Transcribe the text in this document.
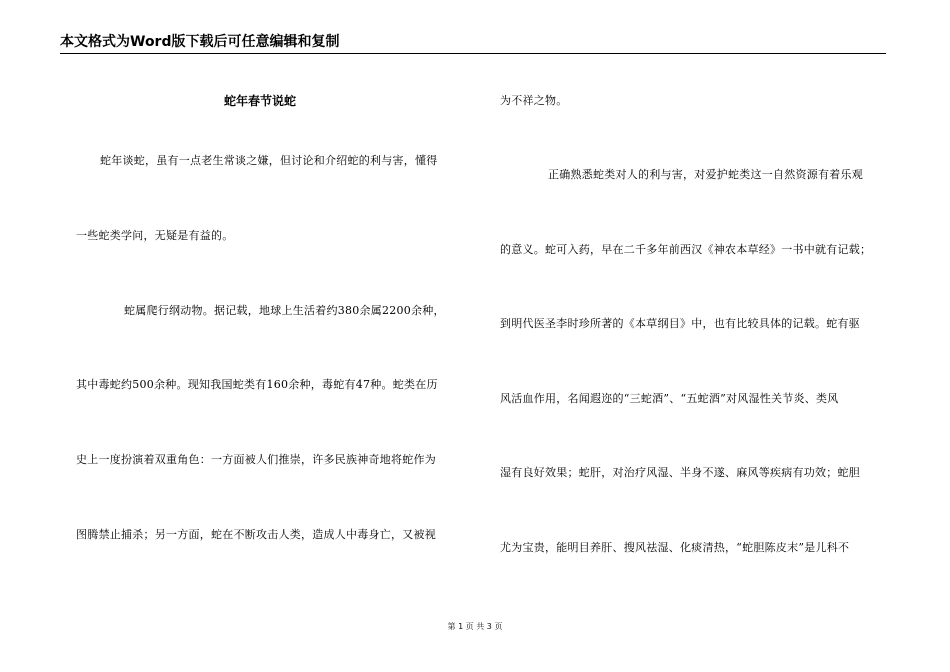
本文格式为Word版下载后可任意编辑和复制
蛇年春节说蛇
蛇年谈蛇，虽有一点老生常谈之嫌，但讨论和介绍蛇的利与害，懂得
一些蛇类学问，无疑是有益的。
蛇属爬行纲动物。据记载，地球上生活着约380余属2200余种，
其中毒蛇约500余种。现知我国蛇类有160余种，毒蛇有47种。蛇类在历
史上一度扮演着双重角色：一方面被人们推崇，许多民族神奇地将蛇作为
图腾禁止捕杀；另一方面，蛇在不断攻击人类，造成人中毒身亡，又被视
为不祥之物。
正确熟悉蛇类对人的利与害，对爱护蛇类这一自然资源有着乐观
的意义。蛇可入药，早在二千多年前西汉《神农本草经》一书中就有记载；
到明代医圣李时珍所著的《本草纲目》中，也有比较具体的记载。蛇有驱
风活血作用，名闻遐迩的“三蛇酒”、“五蛇酒”对风湿性关节炎、类风
湿有良好效果；蛇肝，对治疗风湿、半身不遂、麻风等疾病有功效；蛇胆
尤为宝贵，能明目养肝、搜风祛湿、化痰清热，“蛇胆陈皮末”是儿科不
第 1 页 共 3 页
